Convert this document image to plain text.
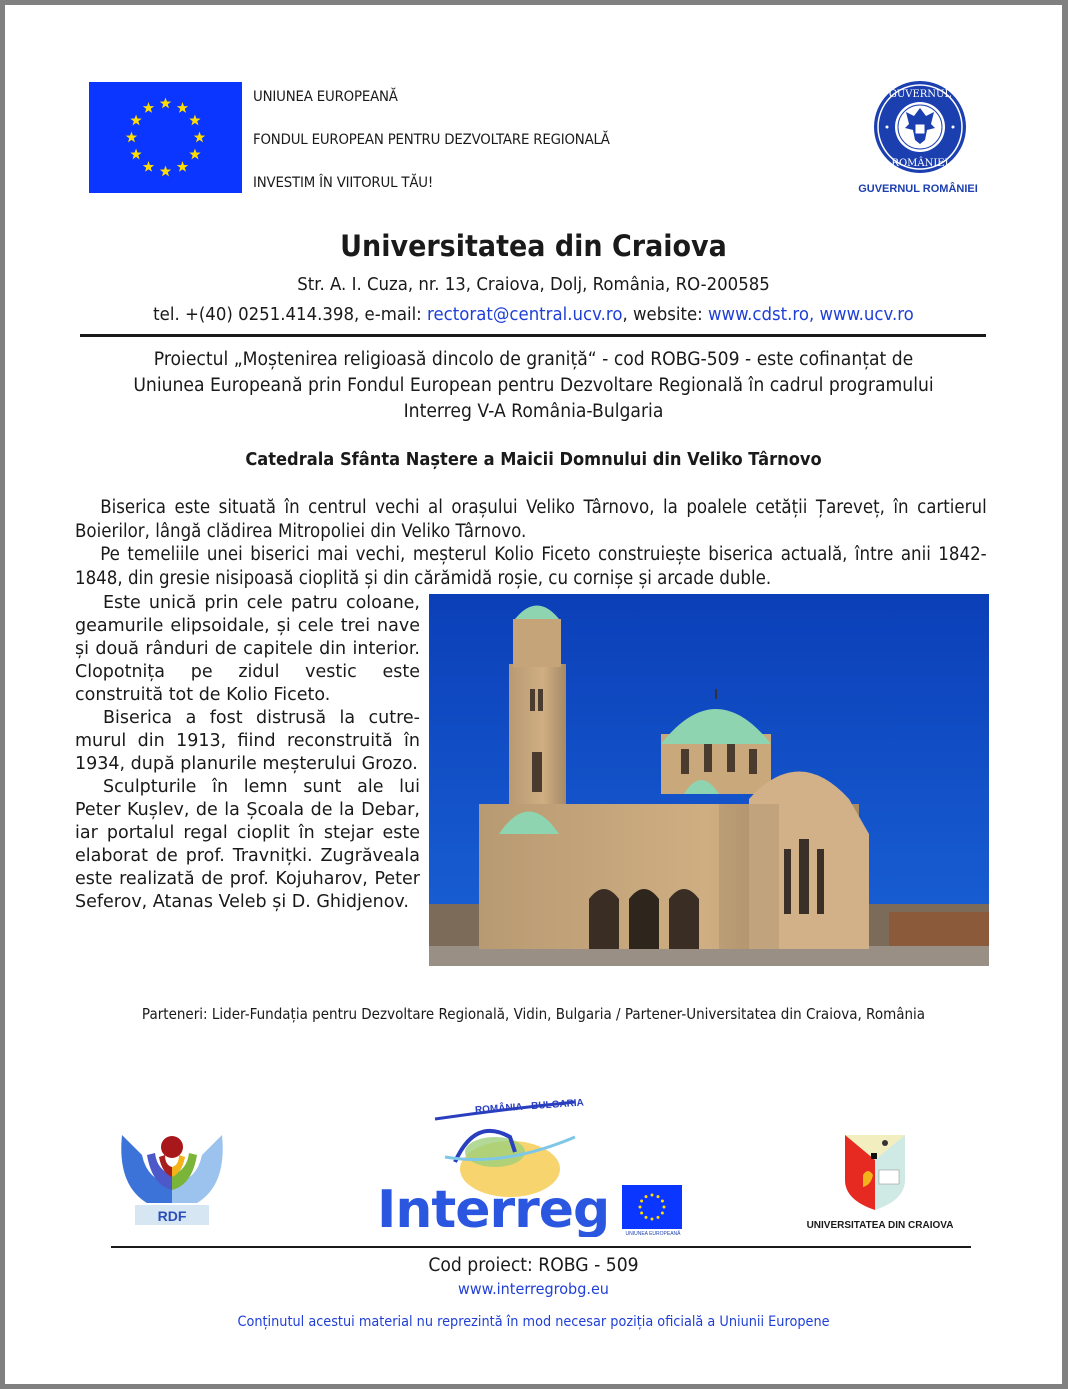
UNIUNEA EUROPEANĂ
FONDUL EUROPEAN PENTRU DEZVOLTARE REGIONALĂ
INVESTIM ÎN VIITORUL TĂU!
GUVERNUL
ROMÂNIEI
GUVERNUL ROMÂNIEI
Universitatea din Craiova
Str. A. I. Cuza, nr. 13, Craiova, Dolj, România, RO-200585
tel. +(40) 0251.414.398, e-mail: rectorat@central.ucv.ro, website: www.cdst.ro, www.ucv.ro
Proiectul „Moștenirea religioasă dincolo de graniță“ - cod ROBG-509 - este cofinanțat de
Uniunea Europeană prin Fondul European pentru Dezvoltare Regională în cadrul programului
Interreg V-A România-Bulgaria
Catedrala Sfânta Naștere a Maicii Domnului din Veliko Târnovo
Biserica este situată în centrul vechi al orașului Veliko Târnovo, la poalele cetății Țareveț, în cartierul Boierilor, lângă clădirea Mitropoliei din Veliko Târnovo.
Pe temeliile unei biserici mai vechi, meșterul Kolio Ficeto construiește biserica actuală, între anii 1842-1848, din gresie nisipoasă cioplită și din cărămidă roșie, cu cornișe și arcade duble.

Este unică prin cele patru coloane, geamurile elipsoidale, și cele trei nave și două rânduri de capitele din interior. Clopotnița pe zidul vestic este construită tot de Kolio Ficeto.

Biserica a fost distrusă la cutremurul din 1913, fiind reconstruită în 1934, după planurile meșterului Grozo.

Sculpturile în lemn sunt ale lui Peter Kușlev, de la Școala de la Debar, iar portalul regal cioplit în stejar este elaborat de prof. Travnițki. Zugrăveala este realizată de prof. Kojuharov, Peter Seferov, Atanas Veleb și D. Ghidjenov.

Parteneri: Lider-Fundația pentru Dezvoltare Regională, Vidin, Bulgaria / Partener-Universitatea din Craiova, România
RDF
ROMÂNIA - BULGARIA
Interreg	UNIUNEA EUROPEANĂ
UNIVERSITATEA DIN CRAIOVA
Cod proiect: ROBG - 509
www.interregrobg.eu
Conținutul acestui material nu reprezintă în mod necesar poziția oficială a Uniunii Europene
